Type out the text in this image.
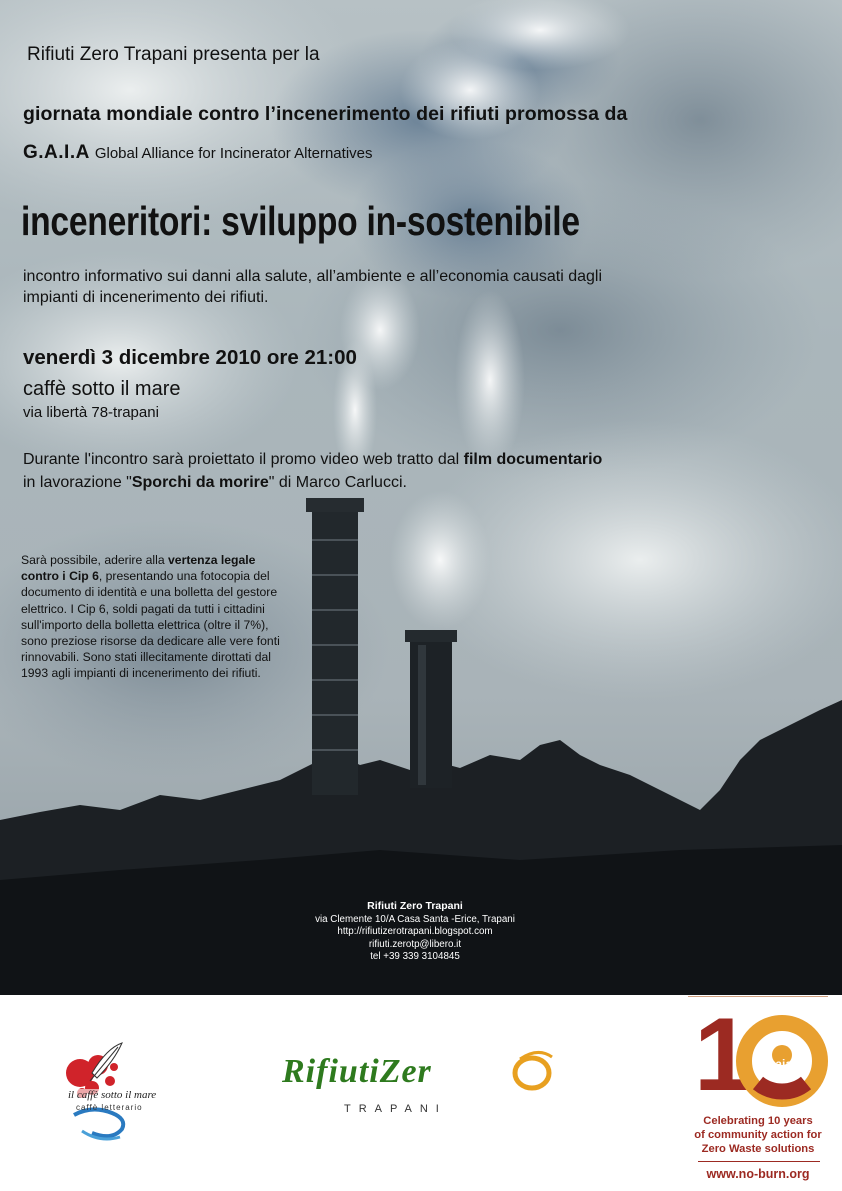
Rifiuti Zero Trapani presenta per la
giornata mondiale contro l’incenerimento dei rifiuti promossa da
G.A.I.A Global Alliance for Incinerator Alternatives
inceneritori: sviluppo in-sostenibile
incontro informativo sui danni alla salute, all’ambiente e all’economia causati dagli
impianti di incenerimento dei rifiuti.
venerdì 3 dicembre 2010 ore 21:00
caffè sotto il mare
via libertà 78-trapani
Durante l'incontro sarà proiettato il promo video web tratto dal film documentario
in lavorazione "Sporchi da morire" di Marco Carlucci.
Sarà possibile, aderire alla vertenza legale contro i Cip 6, presentando una fotocopia del documento di identità e una bolletta del gestore elettrico. I Cip 6, soldi pagati da tutti i cittadini sull'importo della bolletta elettrica (oltre il 7%), sono preziose risorse da dedicare alle vere fonti rinnovabili. Sono stati illecitamente dirottati dal 1993 agli impianti di incenerimento dei rifiuti.
Rifiuti Zero Trapani
via Clemente 10/A Casa Santa -Erice, Trapani
http://rifiutizerotrapani.blogspot.com
rifiuti.zerotp@libero.it
tel +39 339 3104845
il caffè sotto il mare
caffè letterario
RifiutiZer
TRAPANI 1 gaia
Celebrating 10 years
of community action for
Zero Waste solutions
www.no-burn.org
